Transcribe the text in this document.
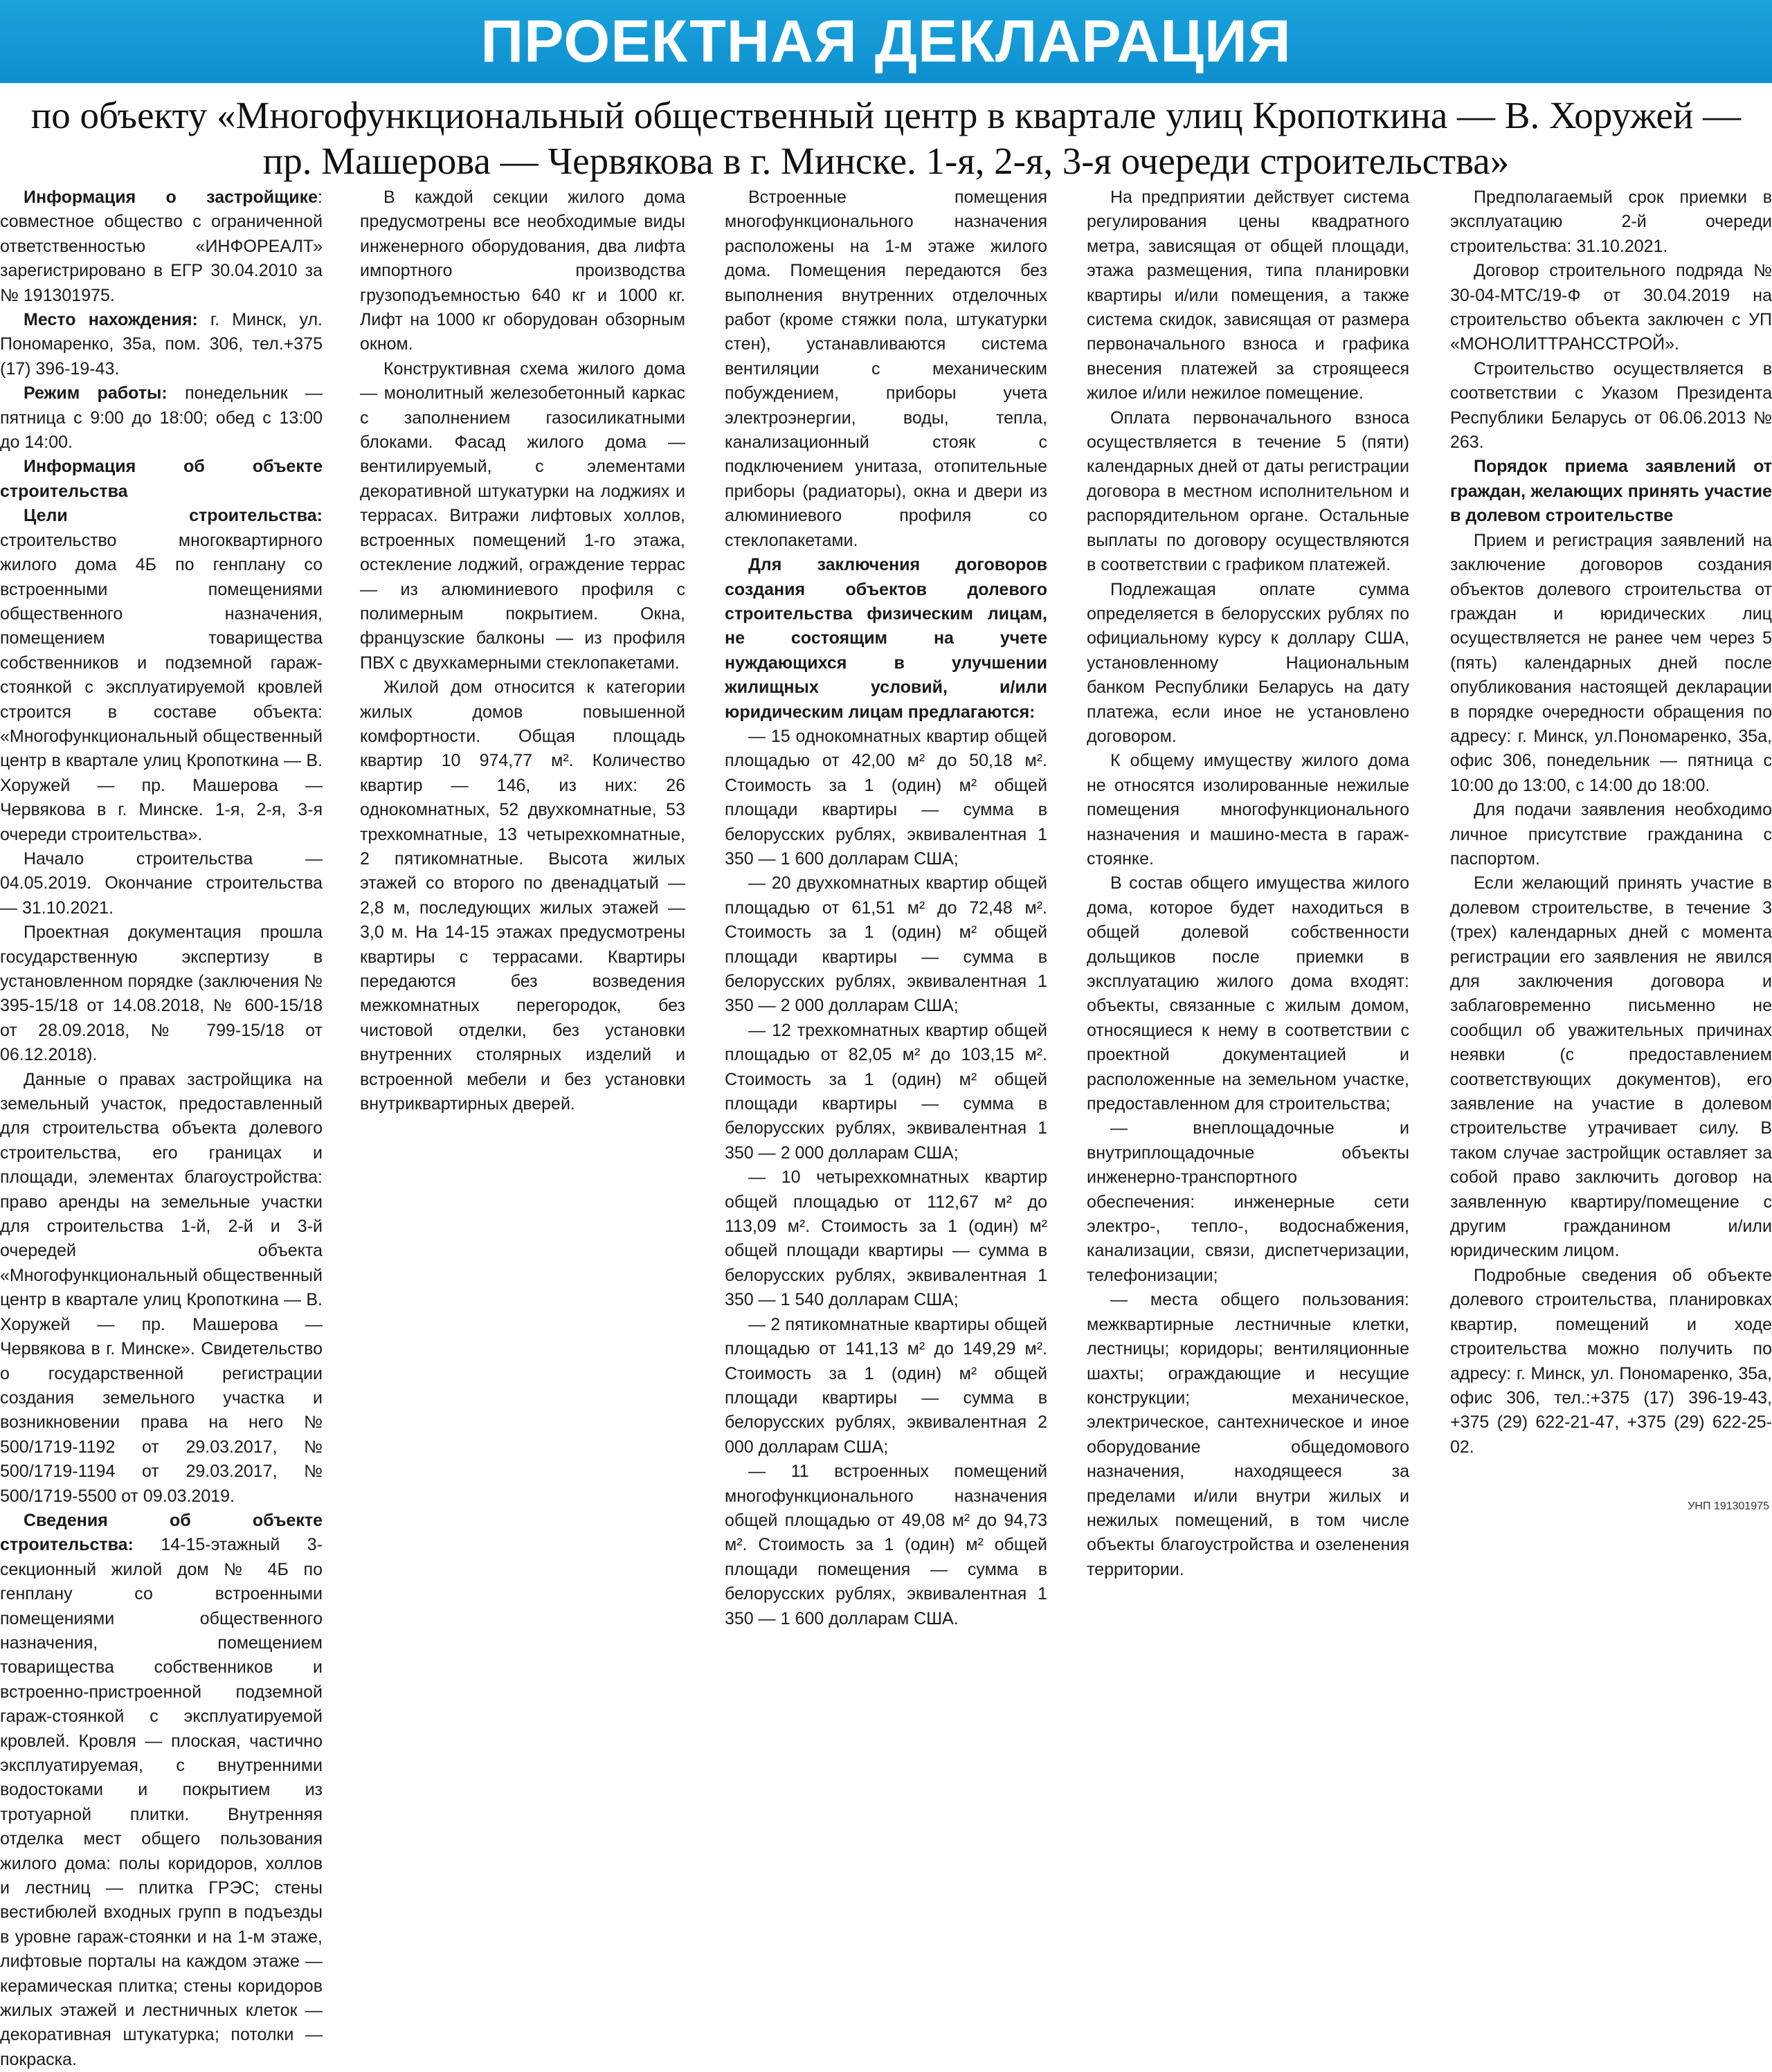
ПРОЕКТНАЯ ДЕКЛАРАЦИЯ
по объекту «Многофункциональный общественный центр в квартале улиц Кропоткина — В. Хоружей —
пр. Машерова — Червякова в г. Минске. 1-я, 2-я, 3-я очереди строительства»

Информация о застройщике: совместное общество с ограниченной ответственностью «ИНФОРЕАЛТ» зарегистрировано в ЕГР 30.04.2010 за № 191301975.

Место нахождения: г. Минск, ул. Пономаренко, 35а, пом. 306, тел.+375 (17) 396-19-43.

Режим работы: понедельник — пятница с 9:00 до 18:00; обед с 13:00 до 14:00.

Информация об объекте строительства

Цели строительства: строительство многоквартирного жилого дома 4Б по генплану со встроенными помещениями общественного назначения, помещением товарищества собственников и подземной гараж-стоянкой с эксплуатируемой кровлей строится в составе объекта: «Многофункциональный общественный центр в квартале улиц Кропоткина — В. Хоружей — пр. Машерова — Червякова в г. Минске. 1-я, 2-я, 3-я очереди строительства».

Начало строительства — 04.05.2019. Окончание строительства — 31.10.2021.

Проектная документация прошла государственную экспертизу в установленном порядке (заключения № 395-15/18 от 14.08.2018, № 600-15/18 от 28.09.2018, № 799-15/18 от 06.12.2018).

Данные о правах застройщика на земельный участок, предоставленный для строительства объекта долевого строительства, его границах и площади, элементах благоустройства: право аренды на земельные участки для строительства 1-й, 2-й и 3-й очередей объекта «Многофункциональный общественный центр в квартале улиц Кропоткина — В. Хоружей — пр. Машерова — Червякова в г. Минске». Свидетельство о государственной регистрации создания земельного участка и возникновении права на него № 500/1719-1192 от 29.03.2017, № 500/1719-1194 от 29.03.2017, № 500/1719-5500 от 09.03.2019.

Сведения об объекте строительства: 14-15-этажный 3-секционный жилой дом № 4Б по генплану со встроенными помещениями общественного назначения, помещением товарищества собственников и встроенно-пристроенной подземной гараж-стоянкой с эксплуатируемой кровлей. Кровля — плоская, частично эксплуатируемая, с внутренними водостоками и покрытием из тротуарной плитки. Внутренняя отделка мест общего пользования жилого дома: полы коридоров, холлов и лестниц — плитка ГРЭС; стены вестибюлей входных групп в подъезды в уровне гараж-стоянки и на 1-м этаже, лифтовые порталы на каждом этаже — керамическая плитка; стены коридоров жилых этажей и лестничных клеток — декоративная штукатурка; потолки — покраска.

В каждой секции жилого дома предусмотрены все необходимые виды инженерного оборудования, два лифта импортного производства грузоподъемностью 640 кг и 1000 кг. Лифт на 1000 кг оборудован обзорным окном.

Конструктивная схема жилого дома — монолитный железобетонный каркас с заполнением газосиликатными блоками. Фасад жилого дома — вентилируемый, с элементами декоративной штукатурки на лоджиях и террасах. Витражи лифтовых холлов, встроенных помещений 1-го этажа, остекление лоджий, ограждение террас — из алюминиевого профиля с полимерным покрытием. Окна, французские балконы — из профиля ПВХ с двухкамерными стеклопакетами.

Жилой дом относится к категории жилых домов повышенной комфортности. Общая площадь квартир 10 974,77 м². Количество квартир — 146, из них: 26 однокомнатных, 52 двухкомнатные, 53 трехкомнатные, 13 четырехкомнатные, 2 пятикомнатные. Высота жилых этажей со второго по двенадцатый — 2,8 м, последующих жилых этажей — 3,0 м. На 14-15 этажах предусмотрены квартиры с террасами. Квартиры передаются без возведения межкомнатных перегородок, без чистовой отделки, без установки внутренних столярных изделий и встроенной мебели и без установки внутриквартирных дверей.

Встроенные помещения многофункционального назначения расположены на 1-м этаже жилого дома. Помещения передаются без выполнения внутренних отделочных работ (кроме стяжки пола, штукатурки стен), устанавливаются система вентиляции с механическим побуждением, приборы учета электроэнергии, воды, тепла, канализационный стояк с подключением унитаза, отопительные приборы (радиаторы), окна и двери из алюминиевого профиля со стеклопакетами.

Для заключения договоров создания объектов долевого строительства физическим лицам, не состоящим на учете нуждающихся в улучшении жилищных условий, и/или юридическим лицам предлагаются:

— 15 однокомнатных квартир общей площадью от 42,00 м² до 50,18 м². Стоимость за 1 (один) м² общей площади квартиры — сумма в белорусских рублях, эквивалентная 1 350 — 1 600 долларам США;

— 20 двухкомнатных квартир общей площадью от 61,51 м² до 72,48 м². Стоимость за 1 (один) м² общей площади квартиры — сумма в белорусских рублях, эквивалентная 1 350 — 2 000 долларам США;

— 12 трехкомнатных квартир общей площадью от 82,05 м² до 103,15 м². Стоимость за 1 (один) м² общей площади квартиры — сумма в белорусских рублях, эквивалентная 1 350 — 2 000 долларам США;

— 10 четырехкомнатных квартир общей площадью от 112,67 м² до 113,09 м². Стоимость за 1 (один) м² общей площади квартиры — сумма в белорусских рублях, эквивалентная 1 350 — 1 540 долларам США;

— 2 пятикомнатные квартиры общей площадью от 141,13 м² до 149,29 м². Стоимость за 1 (один) м² общей площади квартиры — сумма в белорусских рублях, эквивалентная 2 000 долларам США;

— 11 встроенных помещений многофункционального назначения общей площадью от 49,08 м² до 94,73 м². Стоимость за 1 (один) м² общей площади помещения — сумма в белорусских рублях, эквивалентная 1 350 — 1 600 долларам США.

На предприятии действует система регулирования цены квадратного метра, зависящая от общей площади, этажа размещения, типа планировки квартиры и/или помещения, а также система скидок, зависящая от размера первоначального взноса и графика внесения платежей за строящееся жилое и/или нежилое помещение.

Оплата первоначального взноса осуществляется в течение 5 (пяти) календарных дней от даты регистрации договора в местном исполнительном и распорядительном органе. Остальные выплаты по договору осуществляются в соответствии с графиком платежей.

Подлежащая оплате сумма определяется в белорусских рублях по официальному курсу к доллару США, установленному Национальным банком Республики Беларусь на дату платежа, если иное не установлено договором.

К общему имуществу жилого дома не относятся изолированные нежилые помещения многофункционального назначения и машино-места в гараж-стоянке.

В состав общего имущества жилого дома, которое будет находиться в общей долевой собственности дольщиков после приемки в эксплуатацию жилого дома входят: объекты, связанные с жилым домом, относящиеся к нему в соответствии с проектной документацией и расположенные на земельном участке, предоставленном для строительства;

— внеплощадочные и внутриплощадочные объекты инженерно-транспортного обеспечения: инженерные сети электро-, тепло-, водоснабжения, канализации, связи, диспетчеризации, телефонизации;

— места общего пользования: межквартирные лестничные клетки, лестницы; коридоры; вентиляционные шахты; ограждающие и несущие конструкции; механическое, электрическое, сантехническое и иное оборудование общедомового назначения, находящееся за пределами и/или внутри жилых и нежилых помещений, в том числе объекты благоустройства и озеленения территории.

Предполагаемый срок приемки в эксплуатацию 2-й очереди строительства: 31.10.2021.

Договор строительного подряда № 30-04-МТС/19-Ф от 30.04.2019 на строительство объекта заключен с УП «МОНОЛИТТРАНССТРОЙ».

Строительство осуществляется в соответствии с Указом Президента Республики Беларусь от 06.06.2013 № 263.

Порядок приема заявлений от граждан, желающих принять участие в долевом строительстве

Прием и регистрация заявлений на заключение договоров создания объектов долевого строительства от граждан и юридических лиц осуществляется не ранее чем через 5 (пять) календарных дней после опубликования настоящей декларации в порядке очередности обращения по адресу: г. Минск, ул.Пономаренко, 35а, офис 306, понедельник — пятница с 10:00 до 13:00, с 14:00 до 18:00.

Для подачи заявления необходимо личное присутствие гражданина с паспортом.

Если желающий принять участие в долевом строительстве, в течение 3 (трех) календарных дней с момента регистрации его заявления не явился для заключения договора и заблаговременно письменно не сообщил об уважительных причинах неявки (с предоставлением соответствующих документов), его заявление на участие в долевом строительстве утрачивает силу. В таком случае застройщик оставляет за собой право заключить договор на заявленную квартиру/помещение с другим гражданином и/или юридическим лицом.

Подробные сведения об объекте долевого строительства, планировках квартир, помещений и ходе строительства можно получить по адресу: г. Минск, ул. Пономаренко, 35а, офис 306, тел.:+375 (17) 396-19-43, +375 (29) 622-21-47, +375 (29) 622-25-02.

УНП 191301975
